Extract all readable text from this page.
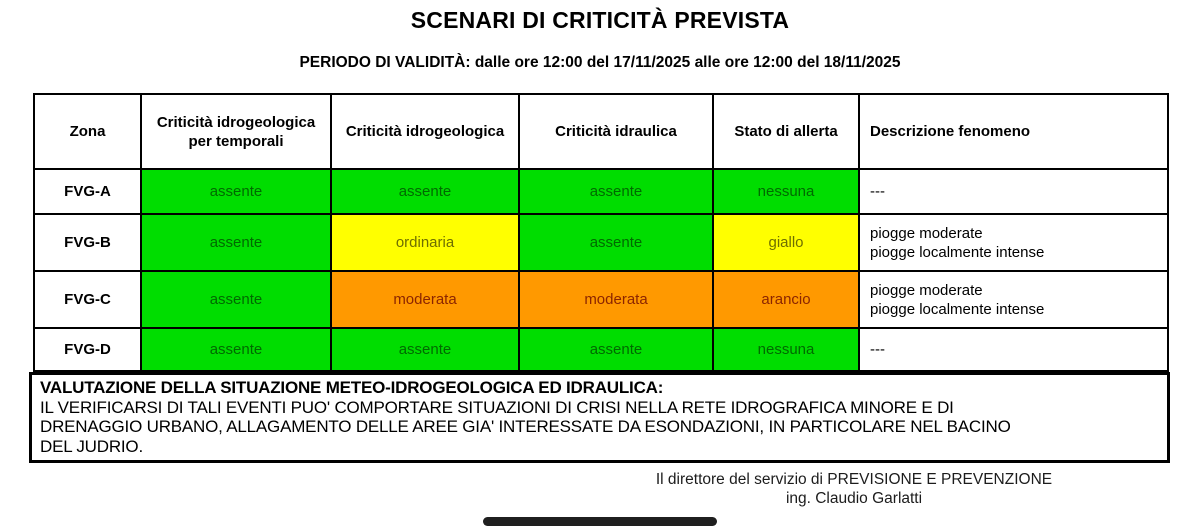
SCENARI DI CRITICITÀ PREVISTA
PERIODO DI VALIDITÀ: dalle ore 12:00 del 17/11/2025 alle ore 12:00 del 18/11/2025
Zona	Criticità idrogeologica per temporali	Criticità idrogeologica	Criticità idraulica	Stato di allerta	Descrizione fenomeno
FVG-A	assente	assente	assente	nessuna	---

FVG-B	assente	ordinaria	assente	giallo	piogge moderate
piogge localmente intense

FVG-C	assente	moderata	moderata	arancio	piogge moderate
piogge localmente intense

FVG-D	assente	assente	assente	nessuna	---
VALUTAZIONE DELLA SITUAZIONE METEO-IDROGEOLOGICA ED IDRAULICA:
IL VERIFICARSI DI TALI EVENTI PUO' COMPORTARE SITUAZIONI DI CRISI NELLA RETE IDROGRAFICA MINORE E DI
DRENAGGIO URBANO, ALLAGAMENTO DELLE AREE GIA' INTERESSATE DA ESONDAZIONI, IN PARTICOLARE NEL BACINO
DEL JUDRIO.
Il direttore del servizio di PREVISIONE E PREVENZIONE
ing. Claudio Garlatti
